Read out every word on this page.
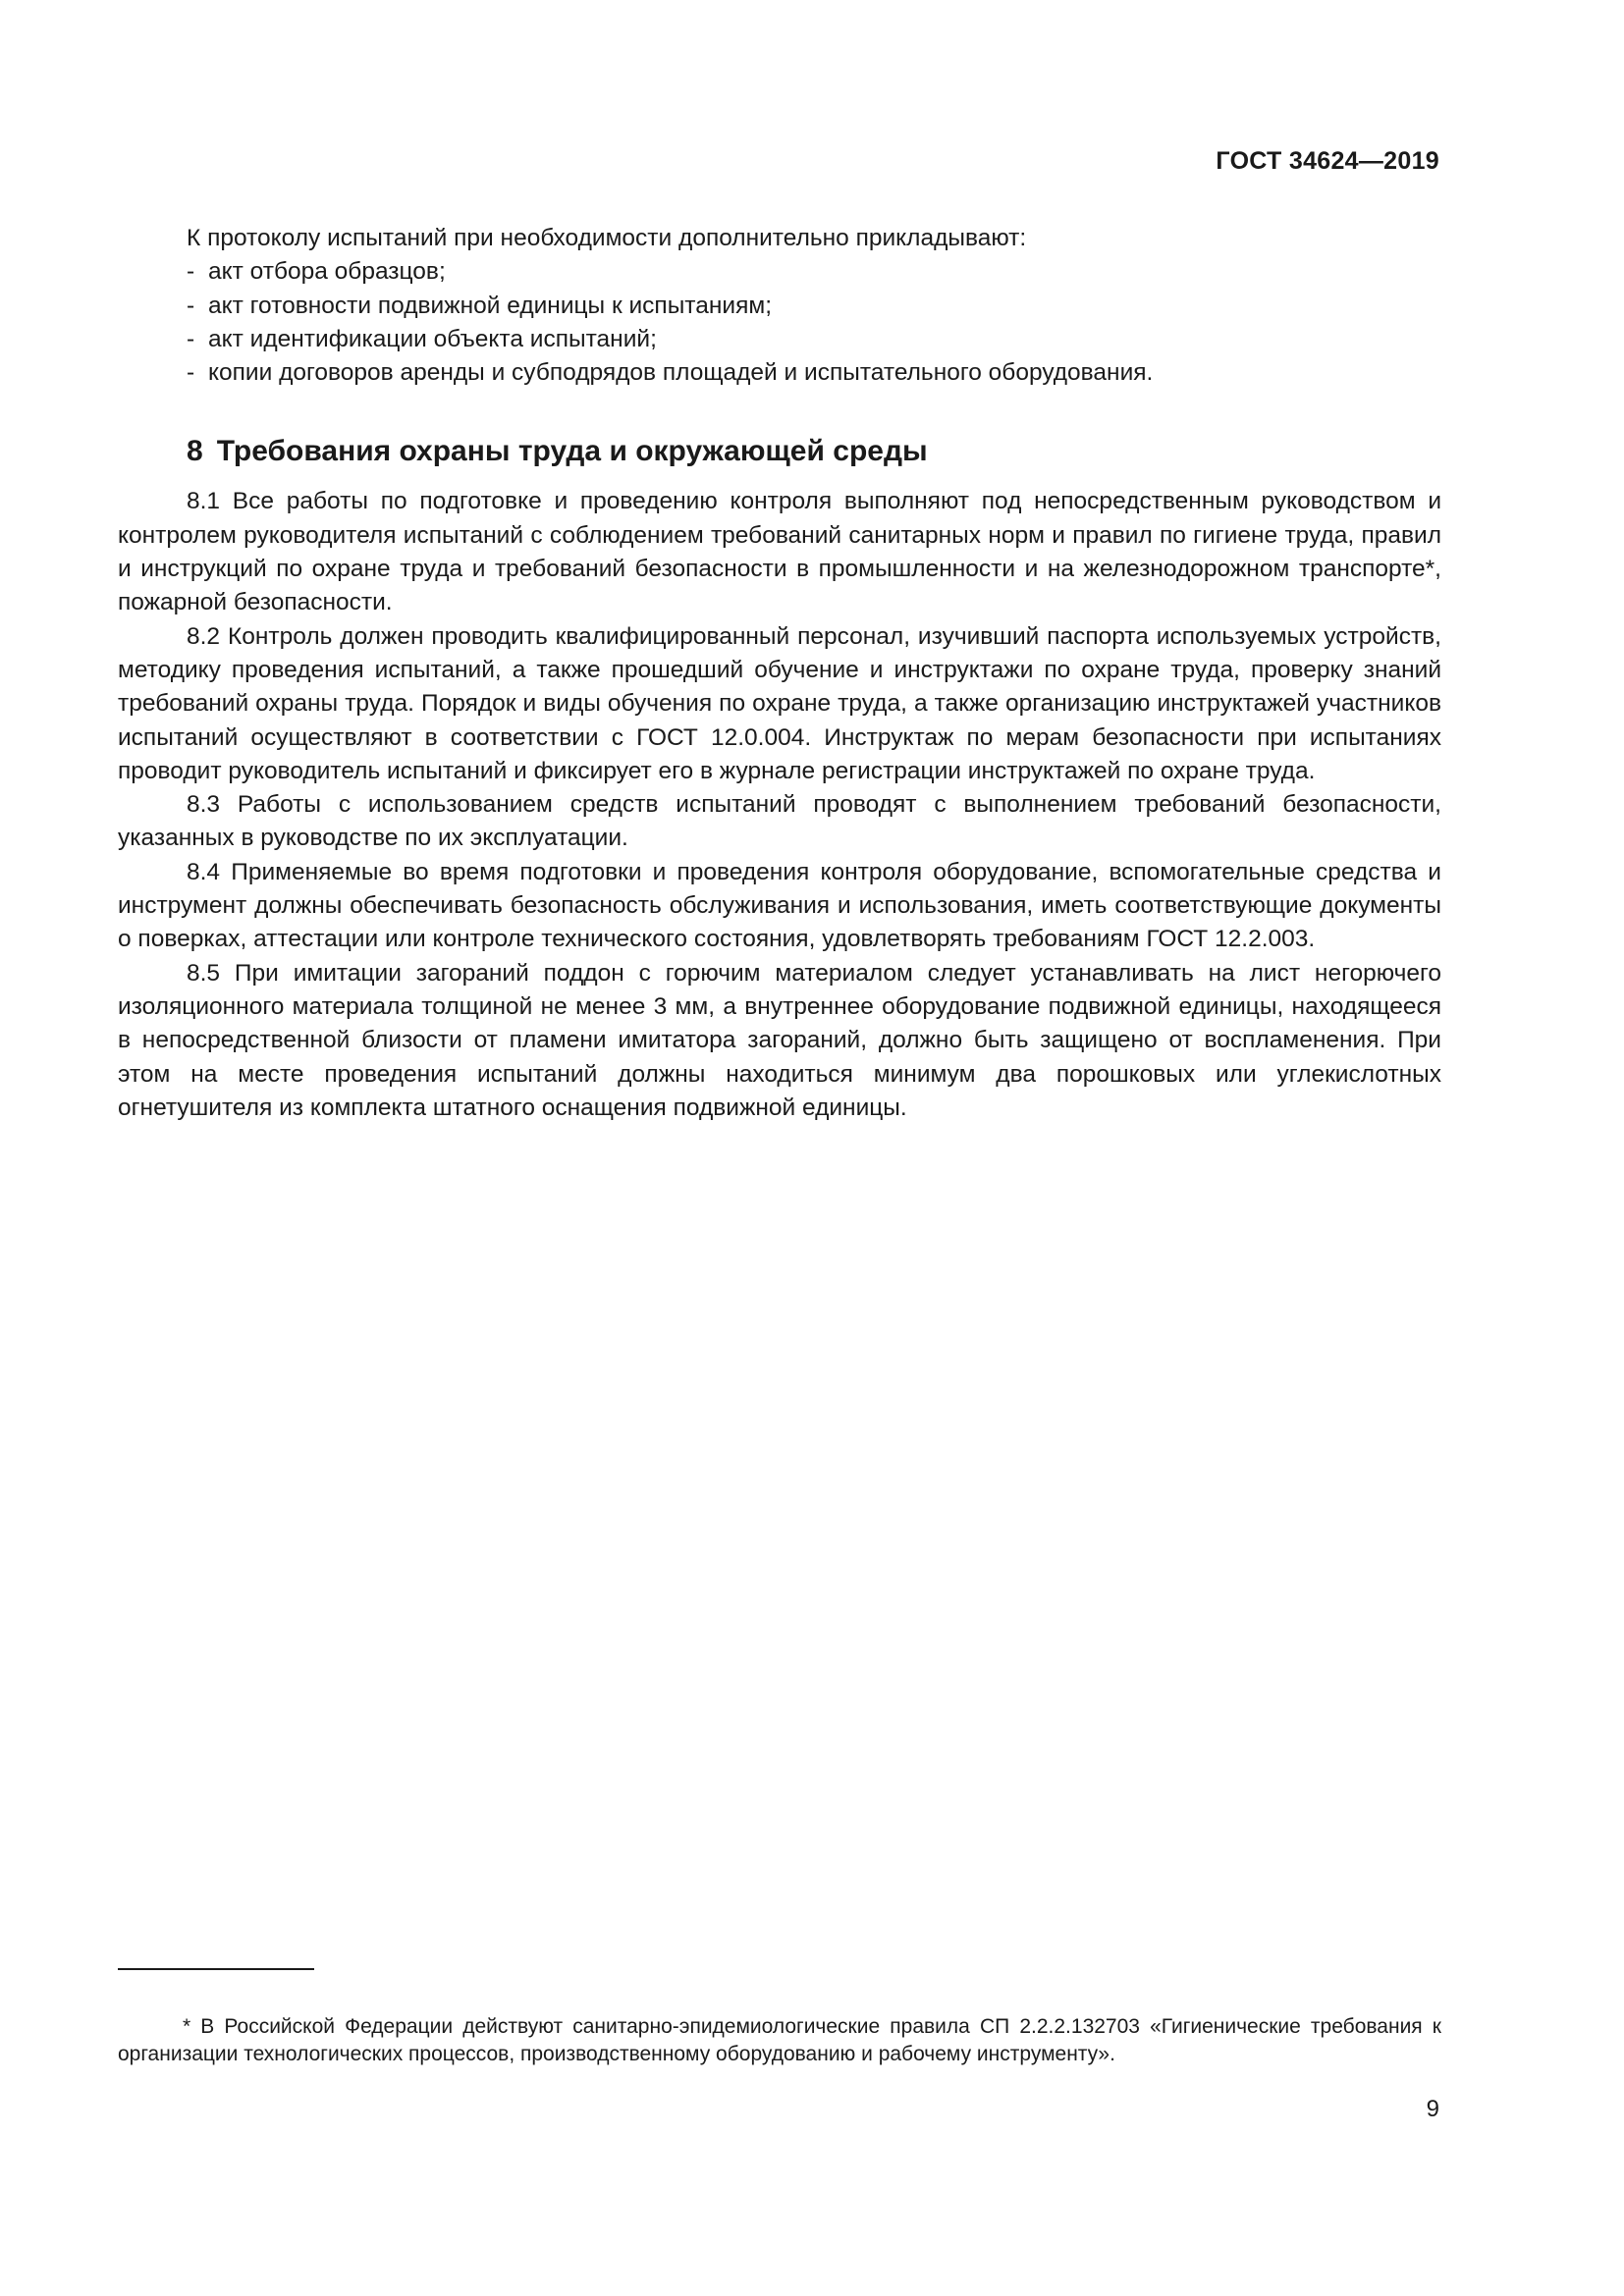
ГОСТ 34624—2019

К протоколу испытаний при необходимости дополнительно прикладывают:

- акт отбора образцов;
- акт готовности подвижной единицы к испытаниям;
- акт идентификации объекта испытаний;
- копии договоров аренды и субподрядов площадей и испытательного оборудования.
8 Требования охраны труда и окружающей среды

8.1 Все работы по подготовке и проведению контроля выполняют под непосредственным руководством и контролем руководителя испытаний с соблюдением требований санитарных норм и правил по гигиене труда, правил и инструкций по охране труда и требований безопасности в промышленности и на железнодорожном транспорте*, пожарной безопасности.

8.2 Контроль должен проводить квалифицированный персонал, изучивший паспорта используемых устройств, методику проведения испытаний, а также прошедший обучение и инструктажи по охране труда, проверку знаний требований охраны труда. Порядок и виды обучения по охране труда, а также организацию инструктажей участников испытаний осуществляют в соответствии с ГОСТ 12.0.004. Инструктаж по мерам безопасности при испытаниях проводит руководитель испытаний и фиксирует его в журнале регистрации инструктажей по охране труда.

8.3 Работы с использованием средств испытаний проводят с выполнением требований безопасности, указанных в руководстве по их эксплуатации.

8.4 Применяемые во время подготовки и проведения контроля оборудование, вспомогательные средства и инструмент должны обеспечивать безопасность обслуживания и использования, иметь соответствующие документы о поверках, аттестации или контроле технического состояния, удовлетворять требованиям ГОСТ 12.2.003.

8.5 При имитации загораний поддон с горючим материалом следует устанавливать на лист негорючего изоляционного материала толщиной не менее 3 мм, а внутреннее оборудование подвижной единицы, находящееся в непосредственной близости от пламени имитатора загораний, должно быть защищено от воспламенения. При этом на месте проведения испытаний должны находиться минимум два порошковых или углекислотных огнетушителя из комплекта штатного оснащения подвижной единицы.

* В Российской Федерации действуют санитарно-эпидемиологические правила СП 2.2.2.132703 «Гигиенические требования к организации технологических процессов, производственному оборудованию и рабочему инструменту».

9
